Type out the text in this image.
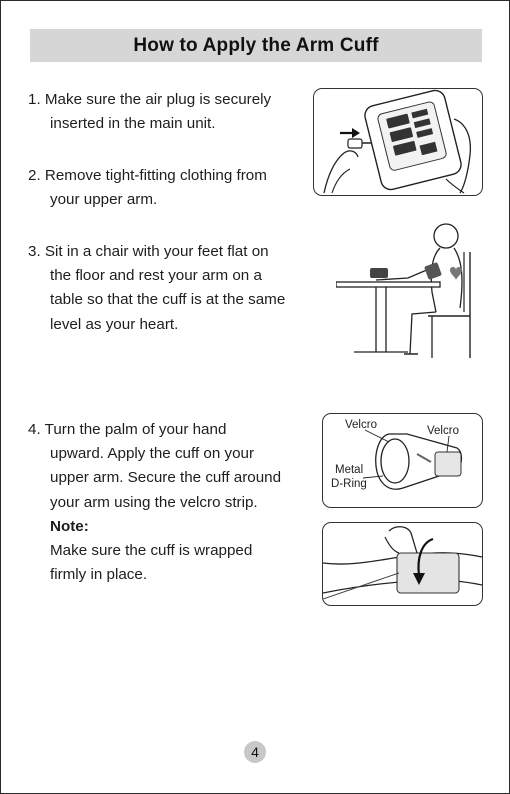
How to Apply the Arm Cuff
1. Make sure the air plug is securely
inserted in the main unit.
2. Remove tight-fitting clothing from
your upper arm.
3. Sit in a chair with your feet flat on
the floor and rest your arm on a
table so that the cuff is at the same
level as your heart.
4. Turn the palm of your hand
upward. Apply the cuff on your
upper arm. Secure the cuff around
your arm using the velcro strip.
Note:
Make sure the cuff is wrapped
firmly in place.
Velcro	Velcro
Metal
D-Ring
4
